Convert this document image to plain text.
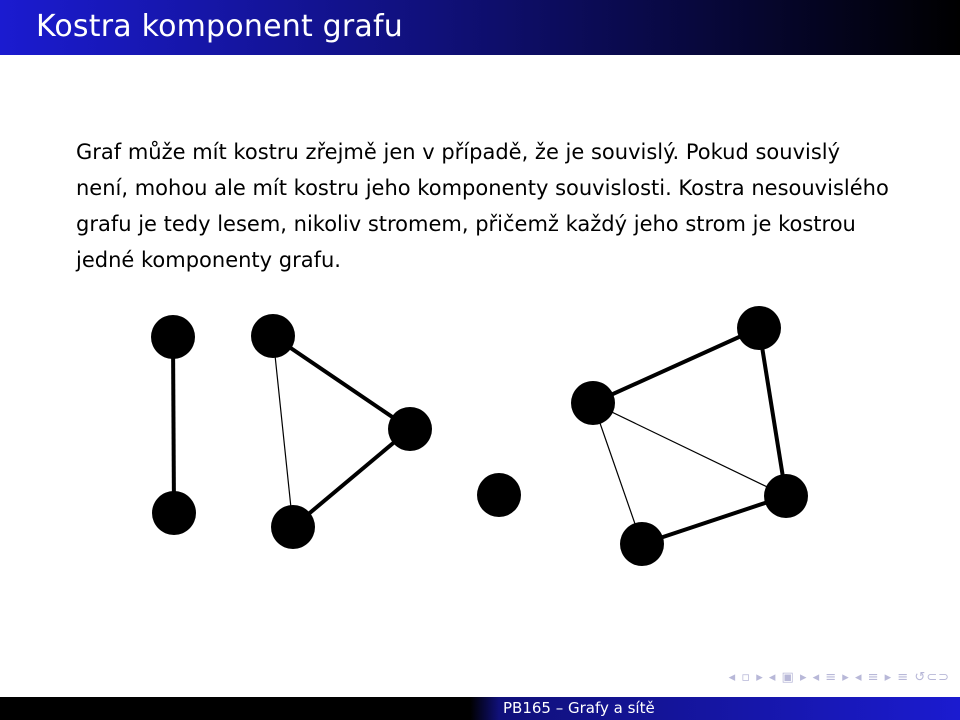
Kostra komponent grafu

Graf může mít kostru zřejmě jen v případě, že je souvislý. Pokud souvislý není, mohou ale mít kostru jeho komponenty souvislosti. Kostra nesouvislého grafu je tedy lesem, nikoliv stromem, přičemž každý jeho strom je kostrou jedné komponenty grafu.

◂ ▫ ▸ ◂ ▣ ▸ ◂ ≡ ▸ ◂ ≡ ▸ ≡ ↺⊂⊃
PB165 – Grafy a sítě
